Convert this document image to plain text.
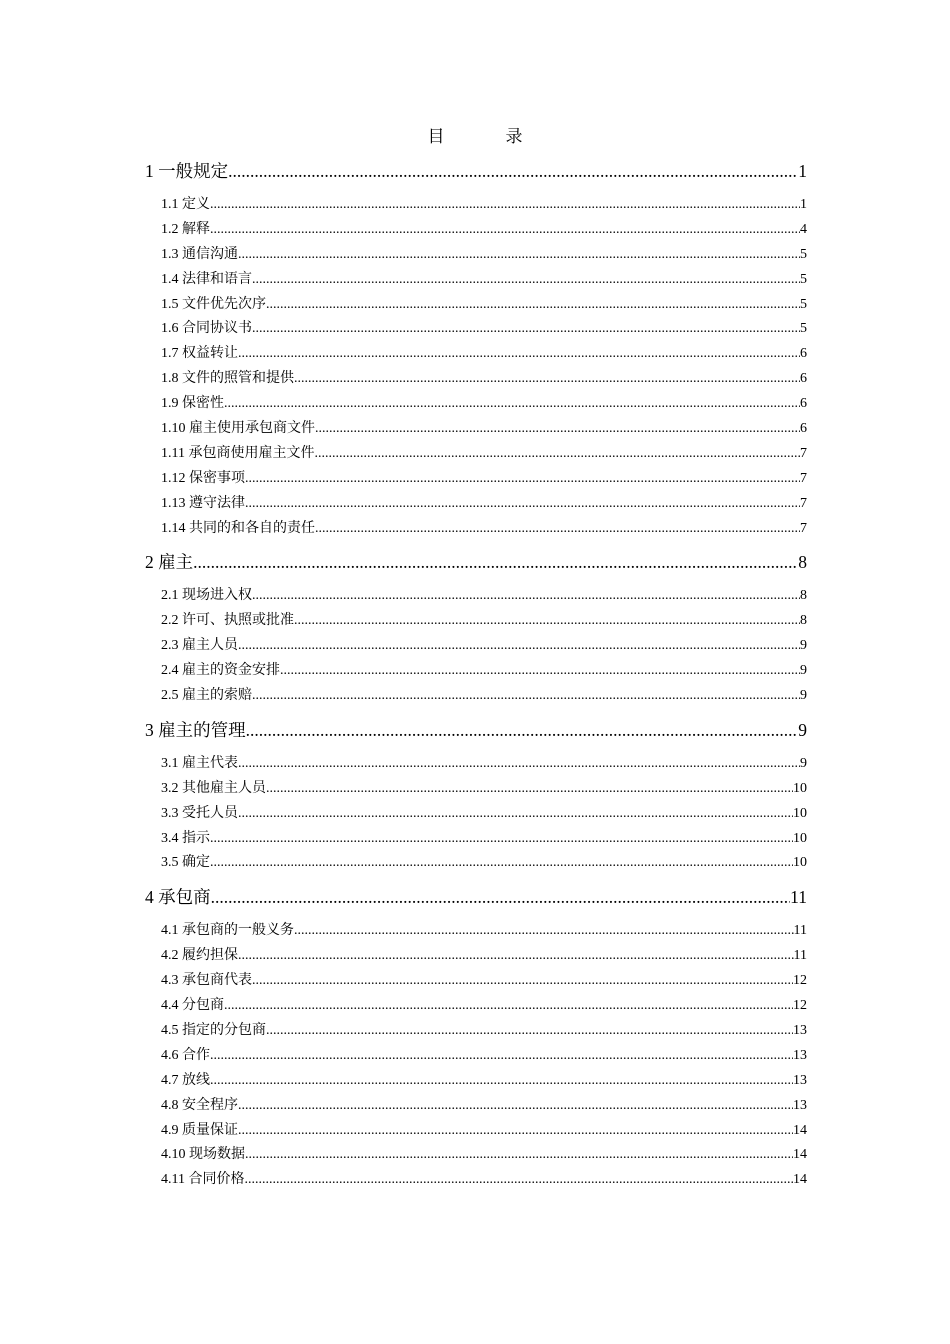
目　录
1 一般规定 .....	1
1.1 定义 .....	1
1.2 解释 .....	4
1.3 通信沟通 .....	5
1.4 法律和语言 .....	5
1.5 文件优先次序 .....	5
1.6 合同协议书 .....	5
1.7 权益转让 .....	6
1.8 文件的照管和提供 .....	6
1.9 保密性 .....	6
1.10 雇主使用承包商文件 .....	6
1.11 承包商使用雇主文件 .....	7
1.12 保密事项 .....	7
1.13 遵守法律 .....	7
1.14 共同的和各自的责任 .....	7
2 雇主 .....	8
2.1 现场进入权 .....	8
2.2 许可、执照或批准 .....	8
2.3 雇主人员 .....	9
2.4 雇主的资金安排 .....	9
2.5 雇主的索赔 .....	9
3 雇主的管理 .....	9
3.1 雇主代表 .....	9
3.2 其他雇主人员 .....	10
3.3 受托人员 .....	10
3.4 指示 .....	10
3.5 确定 .....	10
4 承包商 .....	11
4.1 承包商的一般义务 .....	11
4.2 履约担保 .....	11
4.3 承包商代表 .....	12
4.4 分包商 .....	12
4.5 指定的分包商 .....	13
4.6 合作 .....	13
4.7 放线 .....	13
4.8 安全程序 .....	13
4.9 质量保证 .....	14
4.10 现场数据 .....	14
4.11 合同价格 .....	14
